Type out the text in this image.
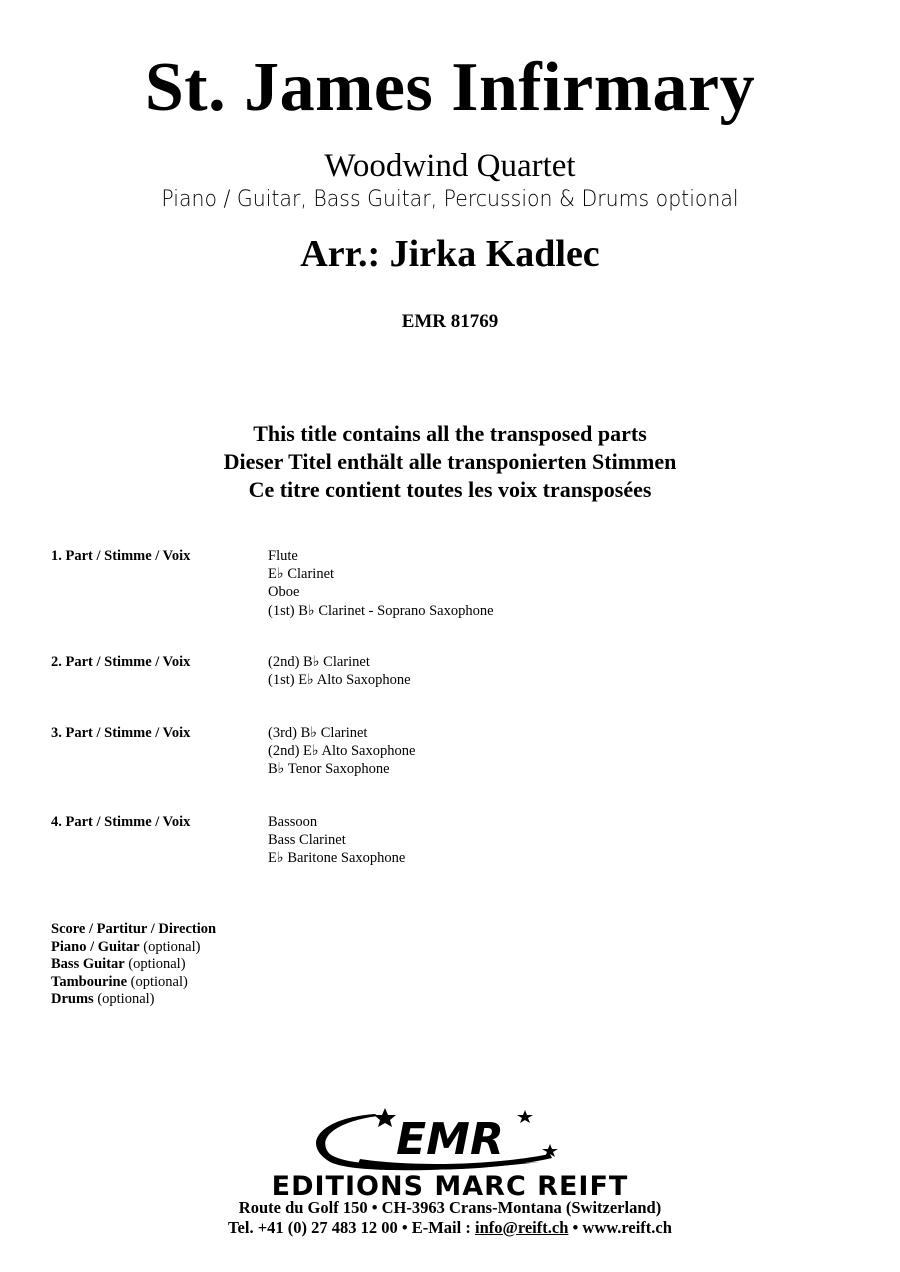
St. James Infirmary
Woodwind Quartet
Piano / Guitar, Bass Guitar, Percussion & Drums optional
Arr.: Jirka Kadlec
EMR 81769
This title contains all the transposed parts
Dieser Titel enthält alle transponierten Stimmen
Ce titre contient toutes les voix transposées
1. Part / Stimme / Voix	Flute
E♭ Clarinet
Oboe
(1st) B♭ Clarinet - Soprano Saxophone
2. Part / Stimme / Voix	(2nd) B♭ Clarinet
(1st) E♭ Alto Saxophone
3. Part / Stimme / Voix	(3rd) B♭ Clarinet
(2nd) E♭ Alto Saxophone
B♭ Tenor Saxophone
4. Part / Stimme / Voix	Bassoon
Bass Clarinet
E♭ Baritone Saxophone
Score / Partitur / Direction
Piano / Guitar (optional)
Bass Guitar (optional)
Tambourine (optional)
Drums (optional)
EMR
EDITIONS MARC REIFT
Route du Golf 150 • CH-3963 Crans-Montana (Switzerland)
Tel. +41 (0) 27 483 12 00 • E-Mail : info@reift.ch • www.reift.ch
